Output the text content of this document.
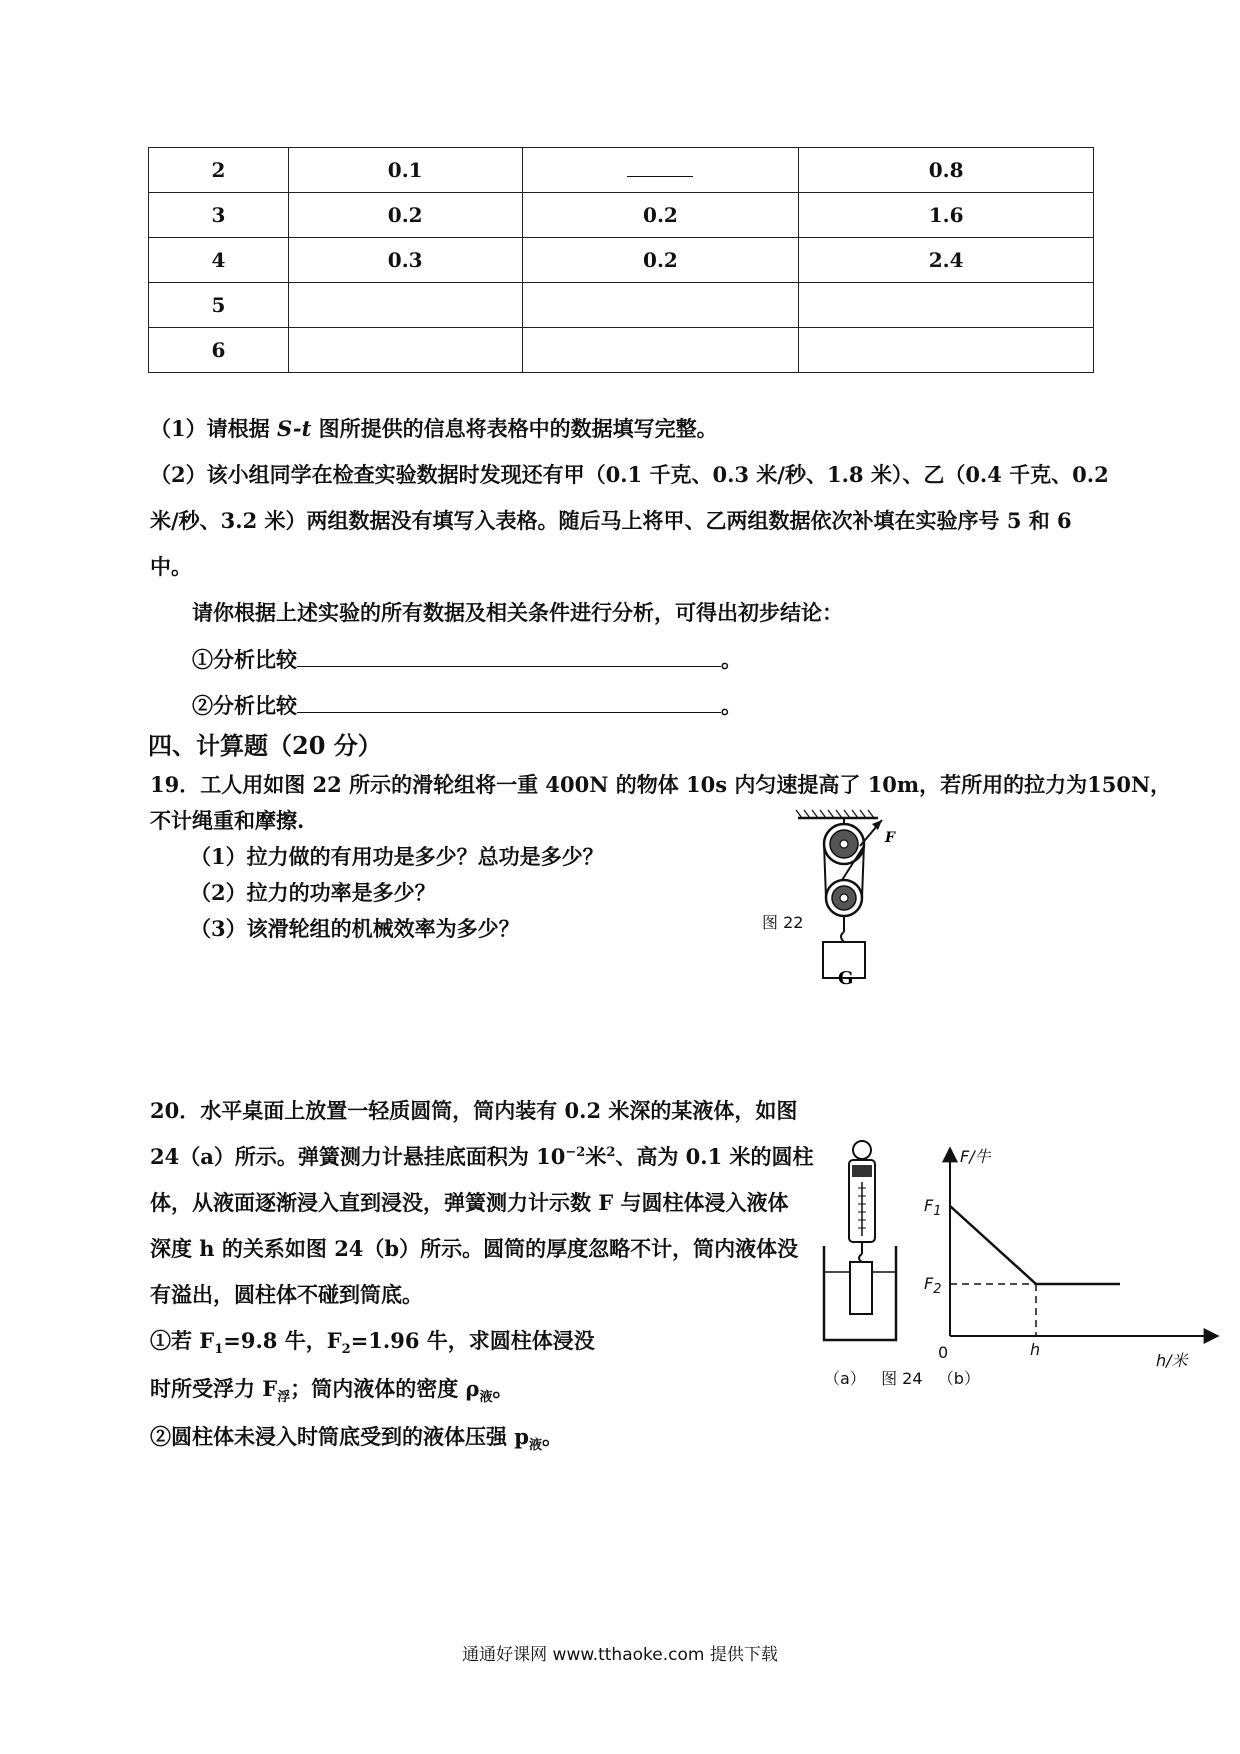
2	0.1		0.8
3	0.2	0.2	1.6
4	0.3	0.2	2.4
5			
6			
（1）请根据 S-t 图所提供的信息将表格中的数据填写完整。
（2）该小组同学在检查实验数据时发现还有甲（0.1 千克、0.3 米/秒、1.8 米）、乙（0.4 千克、0.2
米/秒、3.2 米）两组数据没有填写入表格。随后马上将甲、乙两组数据依次补填在实验序号 5 和 6
中。
请你根据上述实验的所有数据及相关条件进行分析，可得出初步结论：
①分析比较	。
②分析比较	。
四、计算题（20 分）
19．工人用如图 22 所示的滑轮组将一重 400N 的物体 10s 内匀速提高了 10m，若所用的拉力为150N，
不计绳重和摩擦.
（1）拉力做的有用功是多少？总功是多少？
（2）拉力的功率是多少？
（3）该滑轮组的机械效率为多少？
F
G
图 22
20．水平桌面上放置一轻质圆筒，筒内装有 0.2 米深的某液体，如图
24（a）所示。弹簧测力计悬挂底面积为 $10^{-2}$米$^2$、高为 0.1 米的圆柱
体，从液面逐渐浸入直到浸没，弹簧测力计示数 F 与圆柱体浸入液体
深度 h 的关系如图 24（b）所示。圆筒的厚度忽略不计，筒内液体没
有溢出，圆柱体不碰到筒底。
①若 $F_1=9.8$ 牛，$F_2=1.96$ 牛，求圆柱体浸没
时所受浮力 $F_浮$；筒内液体的密度 $\rho_液$。
②圆柱体未浸入时筒底受到的液体压强 $p_液$。
F/牛
$F_1$
$F_2$
0	h
h/米
（a） 图 24 （b）
通通好课网 www.tthaoke.com 提供下载
